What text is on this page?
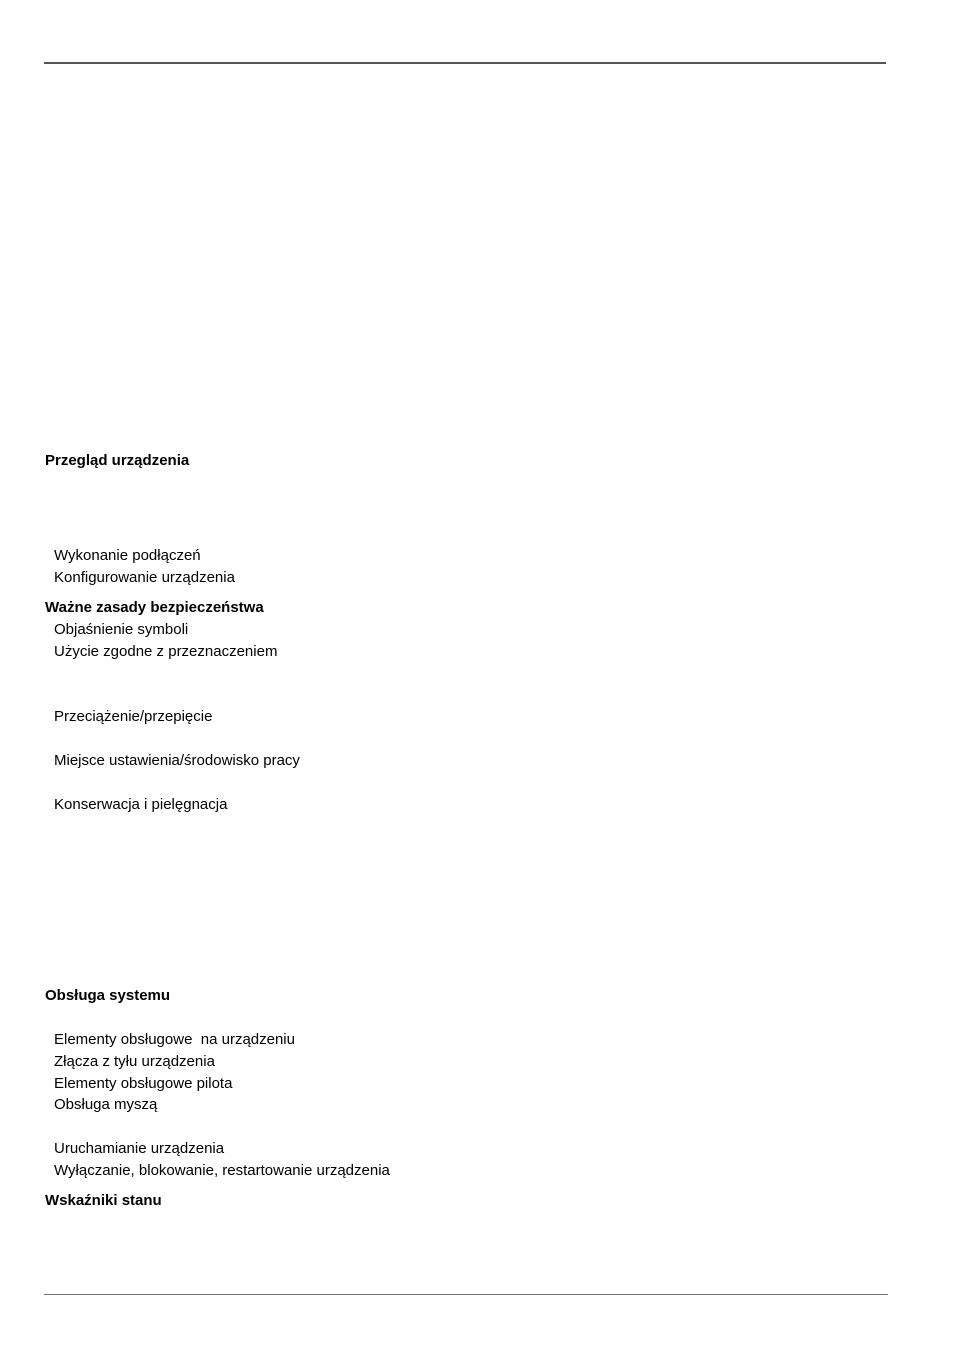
Przegląd urządzenia
Wykonanie podłączeń
Konfigurowanie urządzenia
Ważne zasady bezpieczeństwa
Objaśnienie symboli
Użycie zgodne z przeznaczeniem
Przeciążenie/przepięcie
Miejsce ustawienia/środowisko pracy
Konserwacja i pielęgnacja
Obsługa systemu
Elementy obsługowe  na urządzeniu
Złącza z tyłu urządzenia
Elementy obsługowe pilota
Obsługa myszą
Uruchamianie urządzenia
Wyłączanie, blokowanie, restartowanie urządzenia
Wskaźniki stanu
